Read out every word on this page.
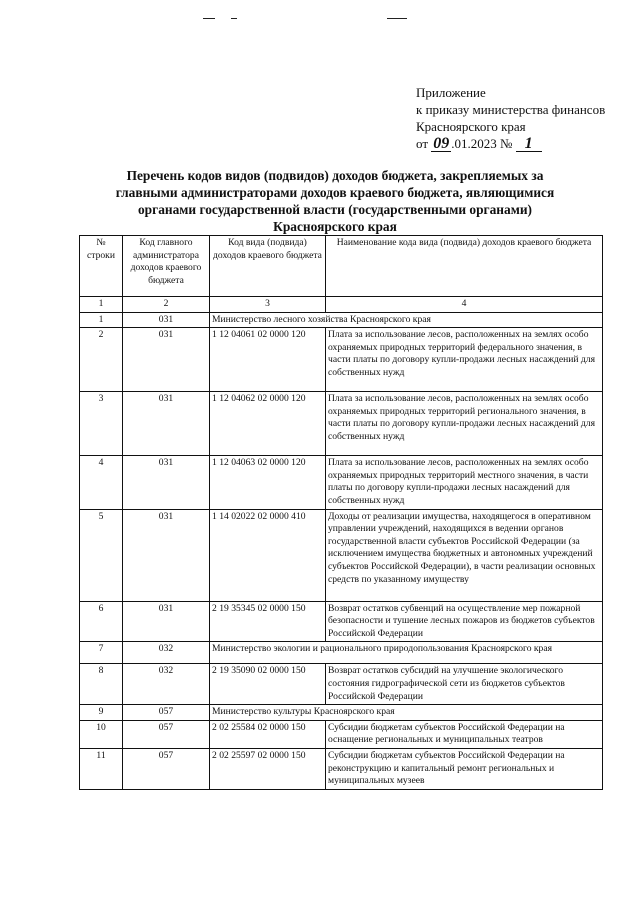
Приложение
к приказу министерства финансов
Красноярского края
от 09 .01.2023 № 1
Перечень кодов видов (подвидов) доходов бюджета, закрепляемых за главными администраторами доходов краевого бюджета, являющимися органами государственной власти (государственными органами) Красноярского края
№ строки	Код главного администратора доходов краевого бюджета	Код вида (подвида) доходов краевого бюджета	Наименование кода вида (подвида) доходов краевого бюджета
1	2	3	4
1	031	Министерство лесного хозяйства Красноярского края	
2	031	1 12 04061 02 0000 120	Плата за использование лесов, расположенных на землях особо охраняемых природных территорий федерального значения, в части платы по договору купли-продажи лесных насаждений для собственных нужд
3	031	1 12 04062 02 0000 120	Плата за использование лесов, расположенных на землях особо охраняемых природных территорий регионального значения, в части платы по договору купли-продажи лесных насаждений для собственных нужд
4	031	1 12 04063 02 0000 120	Плата за использование лесов, расположенных на землях особо охраняемых природных территорий местного значения, в части платы по договору купли-продажи лесных насаждений для собственных нужд
5	031	1 14 02022 02 0000 410	Доходы от реализации имущества, находящегося в оперативном управлении учреждений, находящихся в ведении органов государственной власти субъектов Российской Федерации (за исключением имущества бюджетных и автономных учреждений субъектов Российской Федерации), в части реализации основных средств по указанному имуществу
6	031	2 19 35345 02 0000 150	Возврат остатков субвенций на осуществление мер пожарной безопасности и тушение лесных пожаров из бюджетов субъектов Российской Федерации
7	032	Министерство экологии и рационального природопользования Красноярского края	
8	032	2 19 35090 02 0000 150	Возврат остатков субсидий на улучшение экологического состояния гидрографической сети из бюджетов субъектов Российской Федерации
9	057	Министерство культуры Красноярского края	
10	057	2 02 25584 02 0000 150	Субсидии бюджетам субъектов Российской Федерации на оснащение региональных и муниципальных театров
11	057	2 02 25597 02 0000 150	Субсидии бюджетам субъектов Российской Федерации на реконструкцию и капитальный ремонт региональных и муниципальных музеев
